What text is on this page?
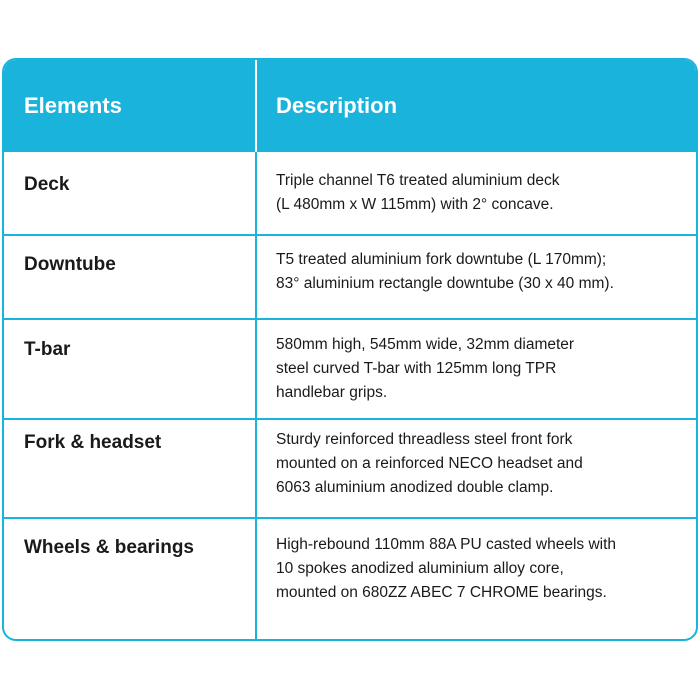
Elements	Description
Deck	Triple channel T6 treated aluminium deck
(L 480mm x W 115mm) with 2° concave.
Downtube	T5 treated aluminium fork downtube (L 170mm);
83° aluminium rectangle downtube (30 x 40 mm).
T-bar	580mm high, 545mm wide, 32mm diameter
steel curved T-bar with 125mm long TPR
handlebar grips.
Fork & headset	Sturdy reinforced threadless steel front fork
mounted on a reinforced NECO headset and
6063 aluminium anodized double clamp.
Wheels & bearings	High-rebound 110mm 88A PU casted wheels with
10 spokes anodized aluminium alloy core,
mounted on 680ZZ ABEC 7 CHROME bearings.
